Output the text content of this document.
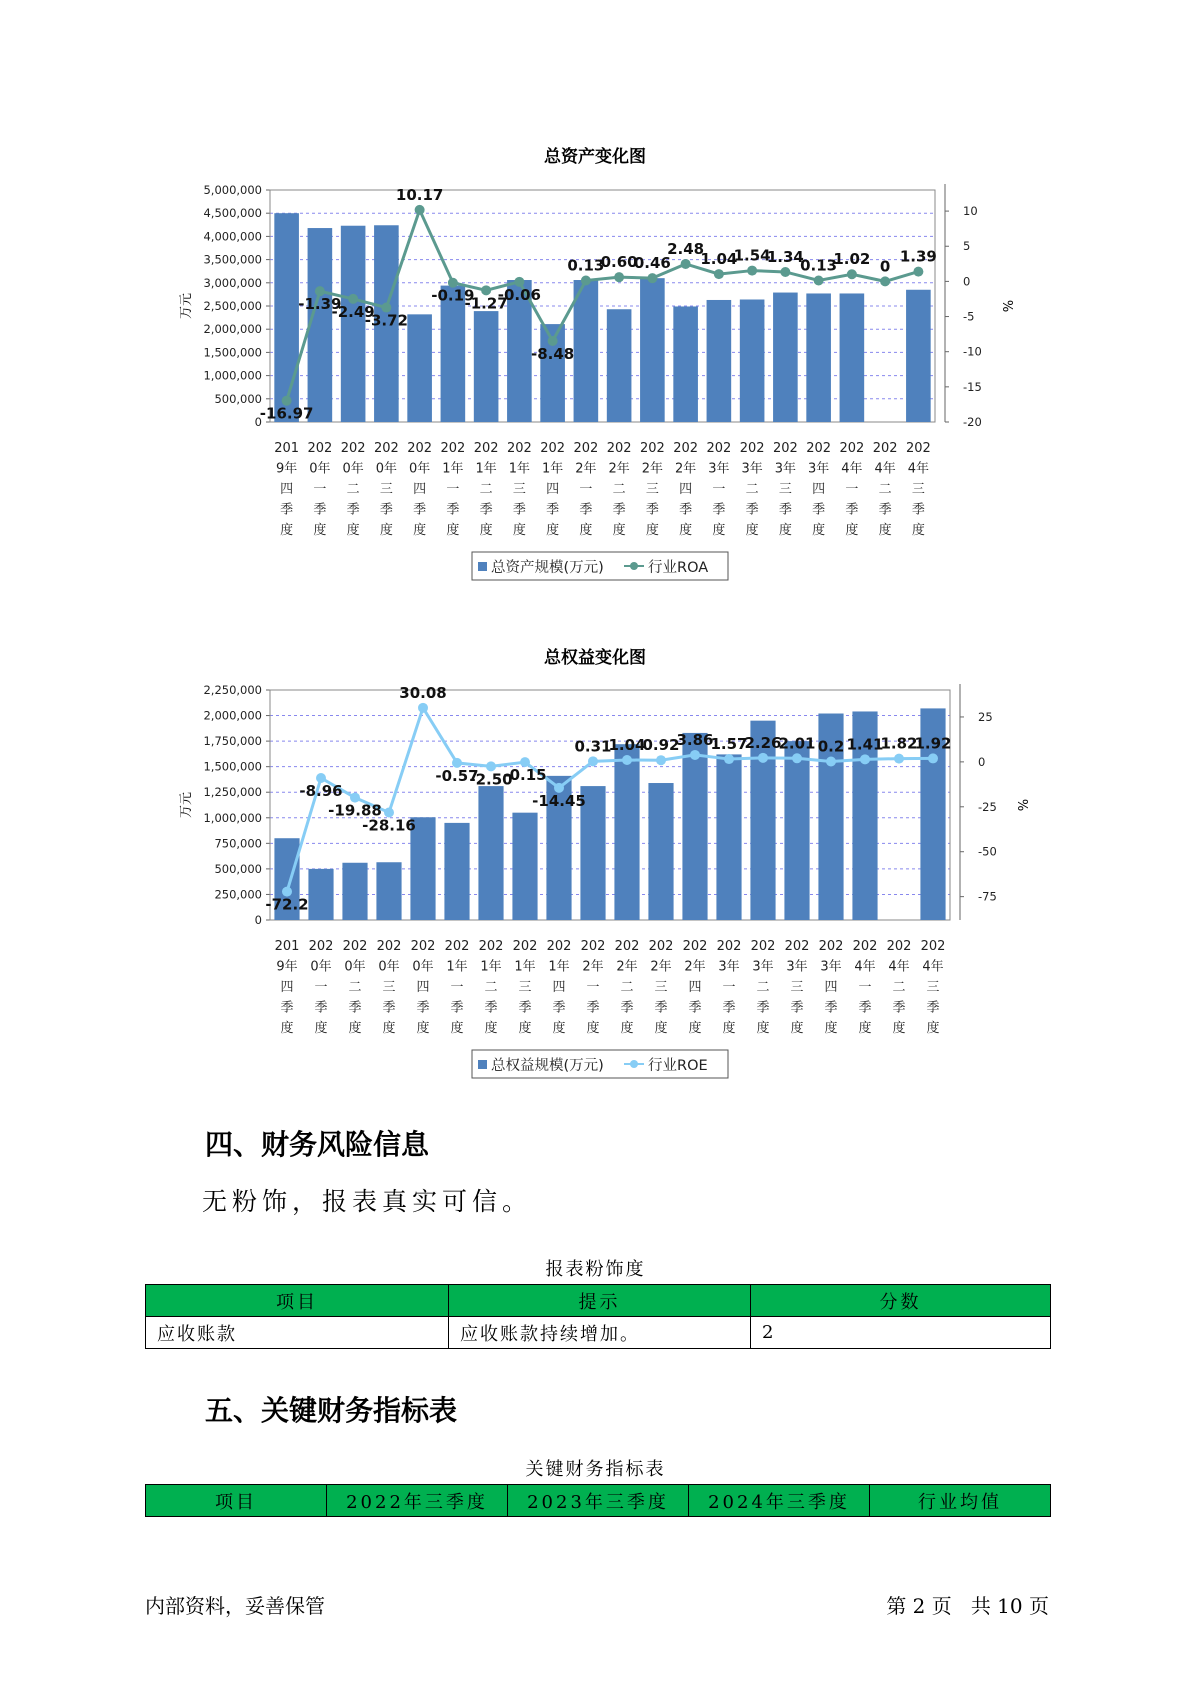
总资产变化图
0
500,000
1,000,000
1,500,000
2,000,000
2,500,000
3,000,000
3,500,000
4,000,000
4,500,000
5,000,000
10
5
0
-5
-10
-15
-20
万元	%
-16.97
-1.39
-2.49
-3.72
10.17
-0.19
-1.27
-0.06
-8.48
0.13
0.60
0.46
2.48
1.04
1.54
1.34
0.13
1.02 0
1.39
201
9年
四
季
度
202
0年
一
季
度
202
0年
二
季
度
202
0年
三
季
度
202
0年
四
季
度
202
1年
一
季
度
202
1年
二
季
度
202
1年
三
季
度
202
1年
四
季
度
202
2年
一
季
度
202
2年
二
季
度
202
2年
三
季
度
202
2年
四
季
度
202
3年
一
季
度
202
3年
二
季
度
202
3年
三
季
度
202
3年
四
季
度
202
4年
一
季
度
202
4年
二
季
度
202
4年
三
季
度
总资产规模(万元)	行业ROA
总权益变化图
0
250,000
500,000
750,000
1,000,000
1,250,000
1,500,000
1,750,000
2,000,000
2,250,000
25
0
-25
-50
-75
万元	%
-72.2
-8.96
-19.88
-28.16
30.08
-0.57
-2.50
-0.15
-14.45
0.31
1.04
0.92
3.86
1.57
2.26
2.01 0.2 1.41
1.82
1.92
201
9年
四
季
度
202
0年
一
季
度
202
0年
二
季
度
202
0年
三
季
度
202
0年
四
季
度
202
1年
一
季
度
202
1年
二
季
度
202
1年
三
季
度
202
1年
四
季
度
202
2年
一
季
度
202
2年
二
季
度
202
2年
三
季
度
202
2年
四
季
度
202
3年
一
季
度
202
3年
二
季
度
202
3年
三
季
度
202
3年
四
季
度
202
4年
一
季
度
202
4年
二
季
度
202
4年
三
季
度
总权益规模(万元)	行业ROE
四、财务风险信息

无粉饰，报表真实可信。

报表粉饰度
项目	提示	分数
应收账款	应收账款持续增加。	2
五、关键财务指标表
关键财务指标表
项目	2022年三季度	2023年三季度	2024年三季度	行业均值
内部资料，妥善保管	第 2 页   共 10 页
